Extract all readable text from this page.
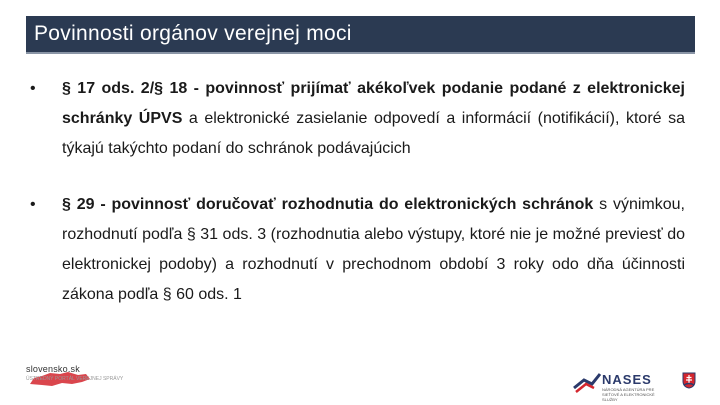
Povinnosti orgánov verejnej moci
• § 17 ods. 2/§ 18 - povinnosť prijímať akékoľvek podanie podané z elektronickej schránky ÚPVS a elektronické zasielanie odpovedí a informácií (notifikácií), ktoré sa týkajú takýchto podaní do schránok podávajúcich
• § 29 - povinnosť doručovať rozhodnutia do elektronických schránok s výnimkou, rozhodnutí podľa § 31 ods. 3 (rozhodnutia alebo výstupy, ktoré nie je možné previesť do elektronickej podoby) a rozhodnutí v prechodnom období 3 roky odo dňa účinnosti zákona podľa § 60 ods. 1
slovensko.sk
ÚSTREDNÝ PORTÁL VEREJNEJ SPRÁVY	NASES
NÁRODNÁ AGENTÚRA PRE SIEŤOVÉ A ELEKTRONICKÉ SLUŽBY
